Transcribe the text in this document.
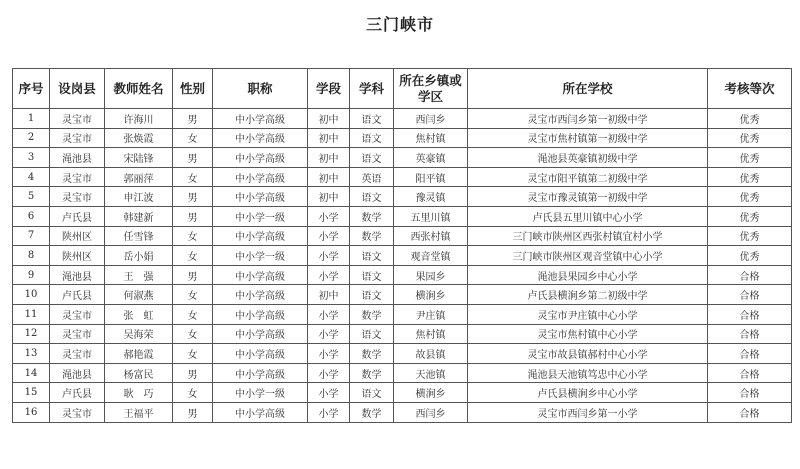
三门峡市
序号	设岗县	教师姓名	性别	职称	学段	学科	所在乡镇或学区	所在学校	考核等次
1	灵宝市	许海川	男	中小学高级	初中	语文	西闫乡	灵宝市西闫乡第一初级中学	优秀
2	灵宝市	张焕霞	女	中小学高级	初中	语文	焦村镇	灵宝市焦村镇第一初级中学	优秀
3	渑池县	宋陆锋	男	中小学高级	初中	语文	英豪镇	渑池县英豪镇初级中学	优秀
4	灵宝市	郭丽萍	女	中小学高级	初中	英语	阳平镇	灵宝市阳平镇第二初级中学	优秀
5	灵宝市	申江波	男	中小学高级	初中	语文	豫灵镇	灵宝市豫灵镇第一初级中学	优秀
6	卢氏县	韩建新	男	中小学一级	小学	数学	五里川镇	卢氏县五里川镇中心小学	优秀
7	陕州区	任雪锋	女	中小学高级	小学	数学	西张村镇	三门峡市陕州区西张村镇宜村小学	优秀
8	陕州区	岳小娟	女	中小学一级	小学	语文	观音堂镇	三门峡市陕州区观音堂镇中心小学	优秀
9	渑池县	王　强	男	中小学高级	小学	语文	果园乡	渑池县果园乡中心小学	合格
10	卢氏县	何淑燕	女	中小学高级	初中	语文	横涧乡	卢氏县横涧乡第二初级中学	合格
11	灵宝市	张　虹	女	中小学高级	小学	数学	尹庄镇	灵宝市尹庄镇中心小学	合格
12	灵宝市	吴海荣	女	中小学高级	小学	语文	焦村镇	灵宝市焦村镇中心小学	合格
13	灵宝市	郝艳霞	女	中小学高级	小学	数学	故县镇	灵宝市故县镇郝村中心小学	合格
14	渑池县	杨富民	男	中小学高级	小学	数学	天池镇	渑池县天池镇笃忠中心小学	合格
15	卢氏县	耿　巧	女	中小学一级	小学	语文	横涧乡	卢氏县横涧乡中心小学	合格
16	灵宝市	王福平	男	中小学高级	小学	数学	西闫乡	灵宝市西闫乡第一小学	合格
